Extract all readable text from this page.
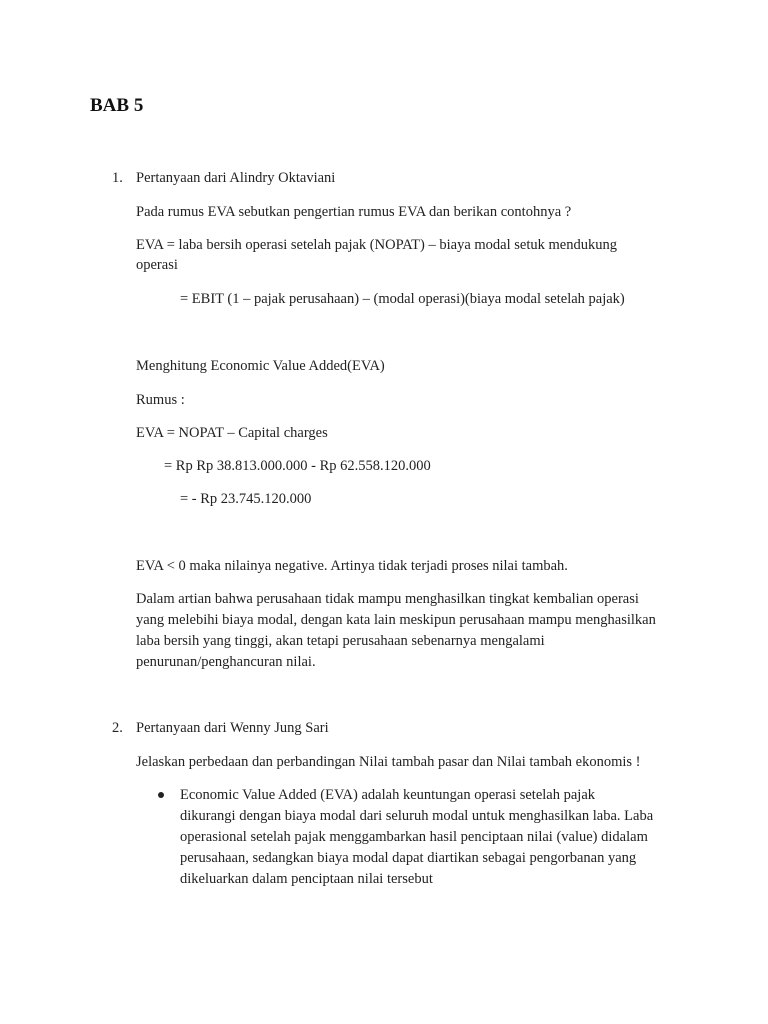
BAB 5
1. Pertanyaan dari Alindry Oktaviani
Pada rumus EVA sebutkan pengertian rumus EVA dan berikan contohnya ?
EVA = laba bersih operasi setelah pajak (NOPAT) – biaya modal setuk mendukung
operasi
= EBIT (1 – pajak perusahaan) – (modal operasi)(biaya modal setelah pajak)
Menghitung Economic Value Added(EVA)
Rumus :
EVA = NOPAT – Capital charges
= Rp Rp 38.813.000.000 - Rp 62.558.120.000
= - Rp 23.745.120.000
EVA < 0 maka nilainya negative. Artinya tidak terjadi proses nilai tambah.
Dalam artian bahwa perusahaan tidak mampu menghasilkan tingkat kembalian operasi
yang melebihi biaya modal, dengan kata lain meskipun perusahaan mampu menghasilkan
laba bersih yang tinggi, akan tetapi perusahaan sebenarnya mengalami
penurunan/penghancuran nilai.
2. Pertanyaan dari Wenny Jung Sari
Jelaskan perbedaan dan perbandingan Nilai tambah pasar dan Nilai tambah ekonomis !
Economic Value Added (EVA) adalah keuntungan operasi setelah pajak
dikurangi dengan biaya modal dari seluruh modal untuk menghasilkan laba. Laba
operasional setelah pajak menggambarkan hasil penciptaan nilai (value) didalam
perusahaan, sedangkan biaya modal dapat diartikan sebagai pengorbanan yang
dikeluarkan dalam penciptaan nilai tersebut
